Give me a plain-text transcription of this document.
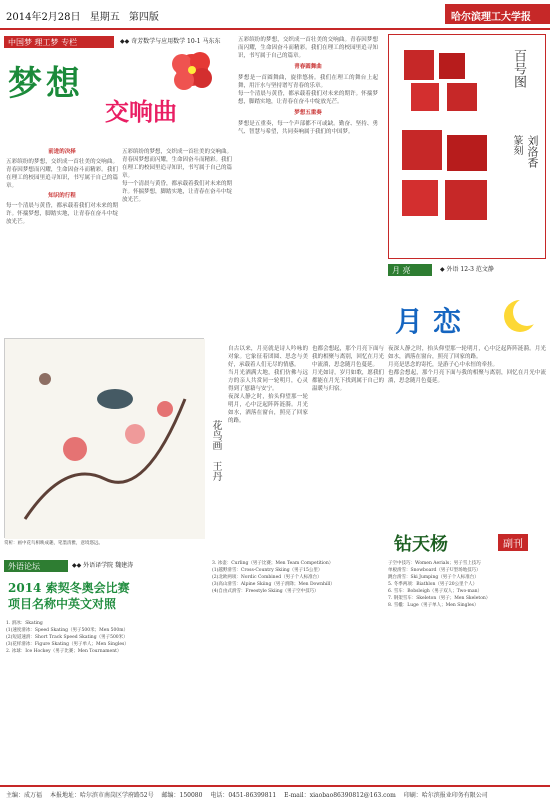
2014年2月28日 星期五 第四版	哈尔滨理工大学报
中国梦 理工梦 专栏	◆◆ 奇芳数学与应用数学 10-1 马东东
梦想
交响曲
前进的决择
五彩缤纷的梦想，交织成一首壮美的交响曲。青春因梦想而闪耀，生命因奋斗而精彩。我们在理工的校园里追寻知识，书写属于自己的篇章。
知识的行程
每一个清晨与黄昏，都承载着我们对未来的期许。怀揣梦想，脚踏实地，让青春在奋斗中绽放光芒。
五彩缤纷的梦想，交织成一首壮美的交响曲。青春因梦想而闪耀，生命因奋斗而精彩。我们在理工的校园里追寻知识，书写属于自己的篇章。
每一个清晨与黄昏，都承载着我们对未来的期许。怀揣梦想，脚踏实地，让青春在奋斗中绽放光芒。
五彩缤纷的梦想，交织成一首壮美的交响曲。青春因梦想而闪耀，生命因奋斗而精彩。我们在理工的校园里追寻知识，书写属于自己的篇章。
青春圆舞曲
梦想是一首圆舞曲，旋律悠扬。我们在理工的舞台上起舞，用汗水与坚持谱写青春的乐章。
每一个清晨与黄昏，都承载着我们对未来的期许。怀揣梦想，脚踏实地，让青春在奋斗中绽放光芒。
梦想五重奏
梦想是五重奏，每一个声部都不可或缺。勤奋、坚持、勇气、智慧与希望，共同奏响属于我们的中国梦。
百号图
篆刻 刘洛香
月 亮	◆ 外语 12-3 范文静
月恋
夜深人静之时，抬头仰望那一轮明月，心中泛起阵阵涟漪。月光如水，洒落在窗台，照亮了回家的路。
月亮是思念的寄托，是游子心中永恒的牵挂。
也都会想起，那个月亮下面与我的相聚与离别，回忆在月光中流淌，思念随月色蔓延。
花鸟画 王丹
赏析：画中花鸟相映成趣，笔墨清雅，意境悠远。
自古以来，月亮就是诗人吟咏的对象。它象征着团圆、思念与美好，承载着人们无尽的情感。
当月光洒满大地，我们仿佛与远方的亲人共赏同一轮明月，心灵得到了慰藉与安宁。
夜深人静之时，抬头仰望那一轮明月，心中泛起阵阵涟漪。月光如水，洒落在窗台，照亮了回家的路。
也都会想起，那个月亮下面与我的相聚与离别，回忆在月光中流淌，思念随月色蔓延。
月光如诗，岁月如歌，愿我们都能在月光下找到属于自己的温暖与归宿。
钻天杨	副刊
外语论坛	◆◆ 外语译学院 魏建涛
2014 索契冬奥会比赛
项目名称中英文对照
1. 滑冰：Skating
(1)速度滑冰：Speed Skating（男子500米；Men 500m）
(2)短道速滑：Short Track Speed Skating（男子500米）
(3)花样滑冰：Figure Skating（男子单人；Men Singles）
2. 冰球：Ice Hockey（男子比赛；Men Tournament）
3. 冰壶：Curling（男子比赛；Men Team Competition）
(1)越野滑雪：Cross-Country Skiing（男子15公里）
(2)北欧两项：Nordic Combined（男子个人标准台）
(3)高山滑雪：Alpine Skiing（男子滑降；Men Downhill）
(4)自由式滑雪：Freestyle Skiing（男子空中技巧）
子空中技巧：Women Aerials；男子雪上技巧
单板滑雪：Snowboard（男子U型场地技巧）
跳台滑雪：Ski Jumping（男子个人标准台）
5. 冬季两项：Biathlon（男子20公里个人）
6. 雪车：Bobsleigh（男子双人；Two-man）
7. 钢架雪车：Skeleton（男子；Men Skeleton）
8. 雪橇：Luge（男子单人；Men Singles）
主编：成万福 本报地址：哈尔滨市南岗区学府路52号 邮编：150080 电话：0451-86399811 E-mail：xiaobao86390812@163.com 印刷：哈尔滨报业印务有限公司
